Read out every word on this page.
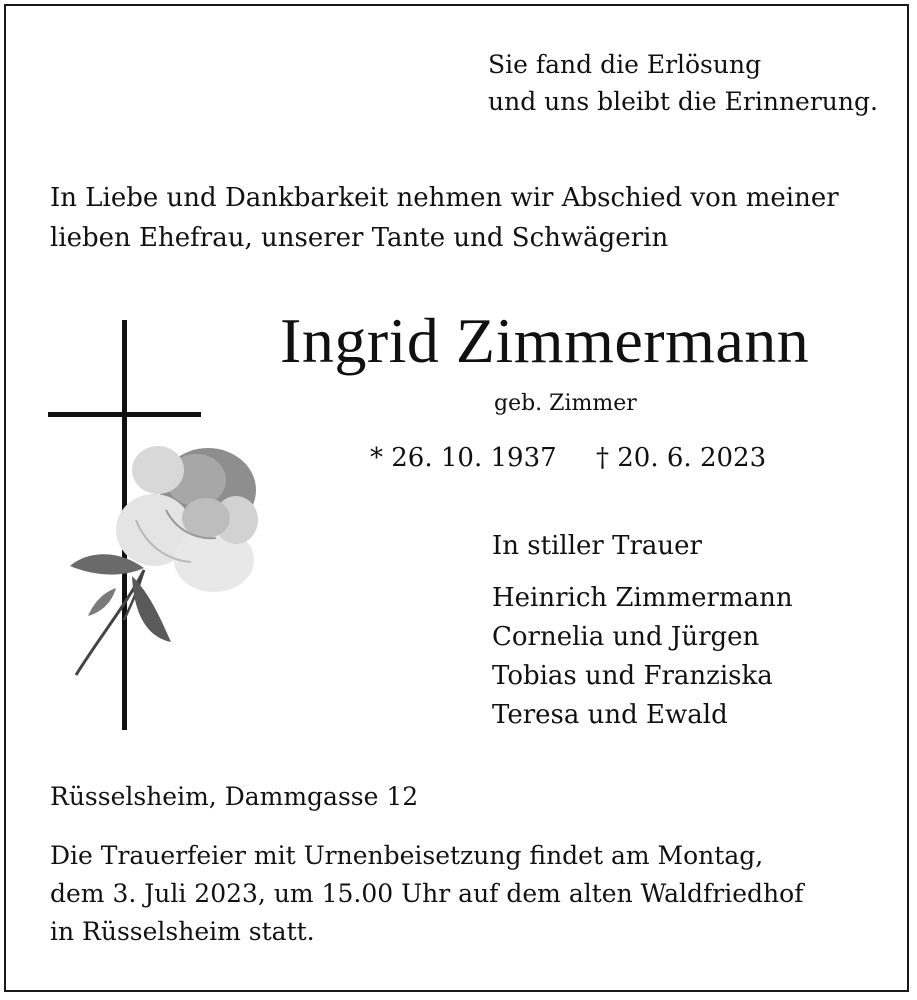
Sie fand die Erlösung
und uns bleibt die Erinnerung.
In Liebe und Dankbarkeit nehmen wir Abschied von meiner
lieben Ehefrau, unserer Tante und Schwägerin
Ingrid Zimmermann
geb. Zimmer
* 26. 10. 1937 † 20. 6. 2023
In stiller Trauer
Heinrich Zimmermann
Cornelia und Jürgen
Tobias und Franziska
Teresa und Ewald
Rüsselsheim, Dammgasse 12
Die Trauerfeier mit Urnenbeisetzung findet am Montag,
dem 3. Juli 2023, um 15.00 Uhr auf dem alten Waldfriedhof
in Rüsselsheim statt.
